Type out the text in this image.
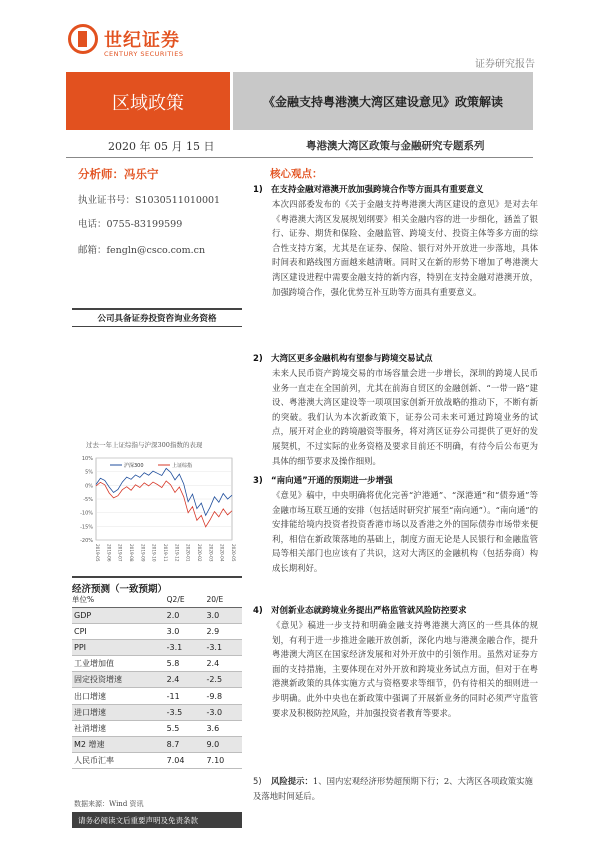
世纪证券
CENTURY SECURITIES
证券研究报告
区域政策	《金融支持粤港澳大湾区建设意见》政策解读
2020 年 05 月 15 日	粤港澳大湾区政策与金融研究专题系列
分析师：冯乐宁
执业证书号：S1030511010001
电话：0755-83199599
邮箱：fengln@csco.com.cn
公司具备证券投资咨询业务资格
过去一年上证综指与沪深300指数的表现
10%
5%
0%
-5%
-10%
-15%
-20%
2019-05 2019-06 2019-07 2019-08 2019-09 2019-10 2019-11 2019-12 2020-01 2020-02 2020-03 2020-04 2020-05
沪深300	上证综指
经济预测（一致预期）
单位%	Q2/E	20/E
GDP	2.0	3.0
CPI	3.0	2.9
PPI	-3.1	-3.1
工业增加值	5.8	2.4
固定投资增速	2.4	-2.5
出口增速	-11	-9.8
进口增速	-3.5	-3.0
社消增速	5.5	3.6
M2 增速	8.7	9.0
人民币汇率	7.04	7.10
数据来源：Wind 资讯
请务必阅读文后重要声明及免责条款
核心观点：
1) 在支持金融对港澳开放加强跨境合作等方面具有重要意义
本次四部委发布的《关于金融支持粤港澳大湾区建设的意见》是对去年《粤港澳大湾区发展规划纲要》相关金融内容的进一步细化，涵盖了银行、证券、期货和保险、金融监管、跨境支付、投资主体等多方面的综合性支持方案，尤其是在证券、保险、银行对外开放进一步落地，具体时间表和路线图方面越来越清晰。同时又在新的形势下增加了粤港澳大湾区建设进程中需要金融支持的新内容，特别在支持金融对港澳开放，加强跨境合作，强化优势互补互助等方面具有重要意义。
2) 大湾区更多金融机构有望参与跨境交易试点
未来人民币资产跨境交易的市场容量会进一步增长，深圳的跨境人民币业务一直走在全国前列，尤其在前海自贸区的金融创新、“一带一路”建设、粤港澳大湾区建设等一项项国家创新开放战略的推动下，不断有新的突破。我们认为本次新政策下，证券公司未来可通过跨境业务的试点，展开对企业的跨境融资等服务，将对湾区证券公司提供了更好的发展契机，不过实际的业务资格及要求目前还不明确，有待今后公布更为具体的细节要求及操作细则。
3) “南向通”开通的预期进一步增强
《意见》稿中，中央明确将优化完善“沪港通”、“深港通”和“债券通”等金融市场互联互通的安排（包括适时研究扩展至“南向通”）。“南向通”的安排能给境内投资者投资香港市场以及香港之外的国际债券市场带来便利，相信在新政策落地的基础上，制度方面无论是人民银行和金融监管局等相关部门也应该有了共识，这对大湾区的金融机构（包括券商）构成长期利好。
4) 对创新业态就跨境业务提出严格监管就风险防控要求
《意见》稿进一步支持和明确金融支持粤港澳大湾区的一些具体的规划，有利于进一步推进金融开放创新，深化内地与港澳金融合作，提升粤港澳大湾区在国家经济发展和对外开放中的引领作用。虽然对证券方面的支持措施，主要体现在对外开放和跨境业务试点方面，但对于在粤港澳新政策的具体实施方式与资格要求等细节，仍有待相关的细则进一步明确。此外中央也在新政策中强调了开展新业务的同时必须严守监管要求及积极防控风险，并加强投资者教育等要求。
5) 风险提示：1、国内宏观经济形势超预期下行；2、大湾区各项政策实施及落地时间延后。
